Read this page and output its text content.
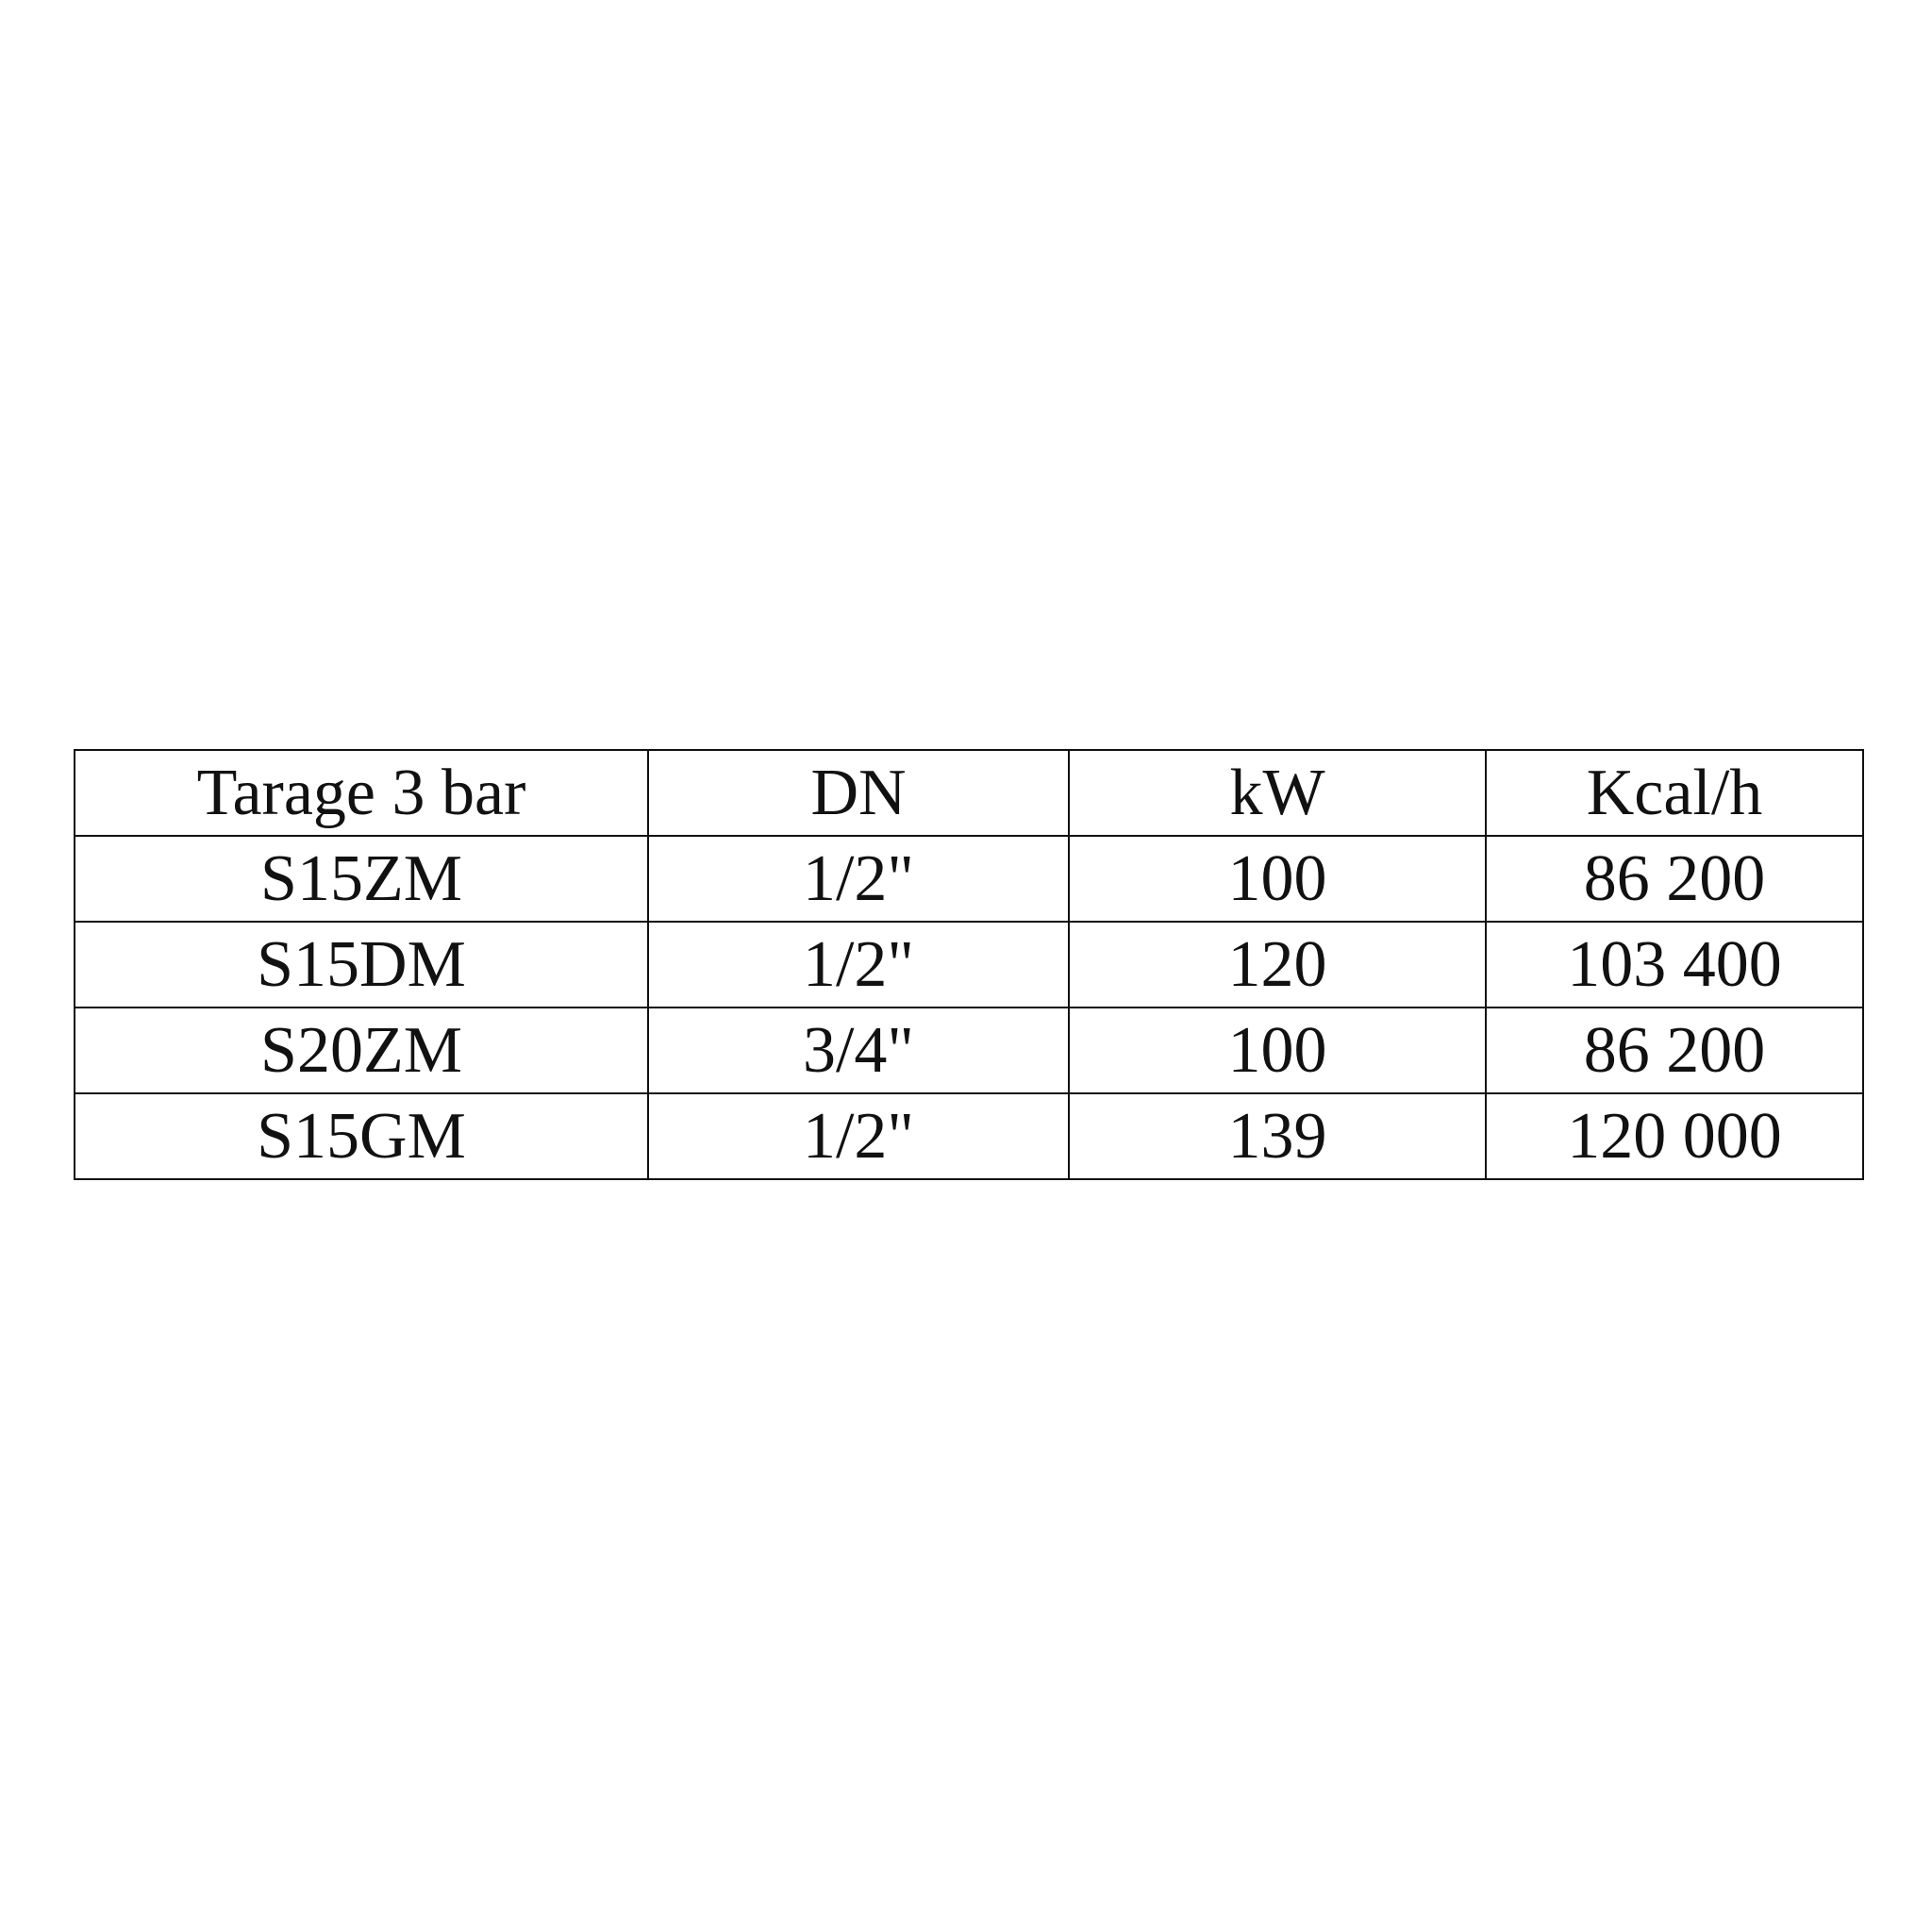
Tarage 3 bar	DN	kW	Kcal/h
S15ZM	1/2"	100	86 200
S15DM	1/2"	120	103 400
S20ZM	3/4"	100	86 200
S15GM	1/2"	139	120 000
